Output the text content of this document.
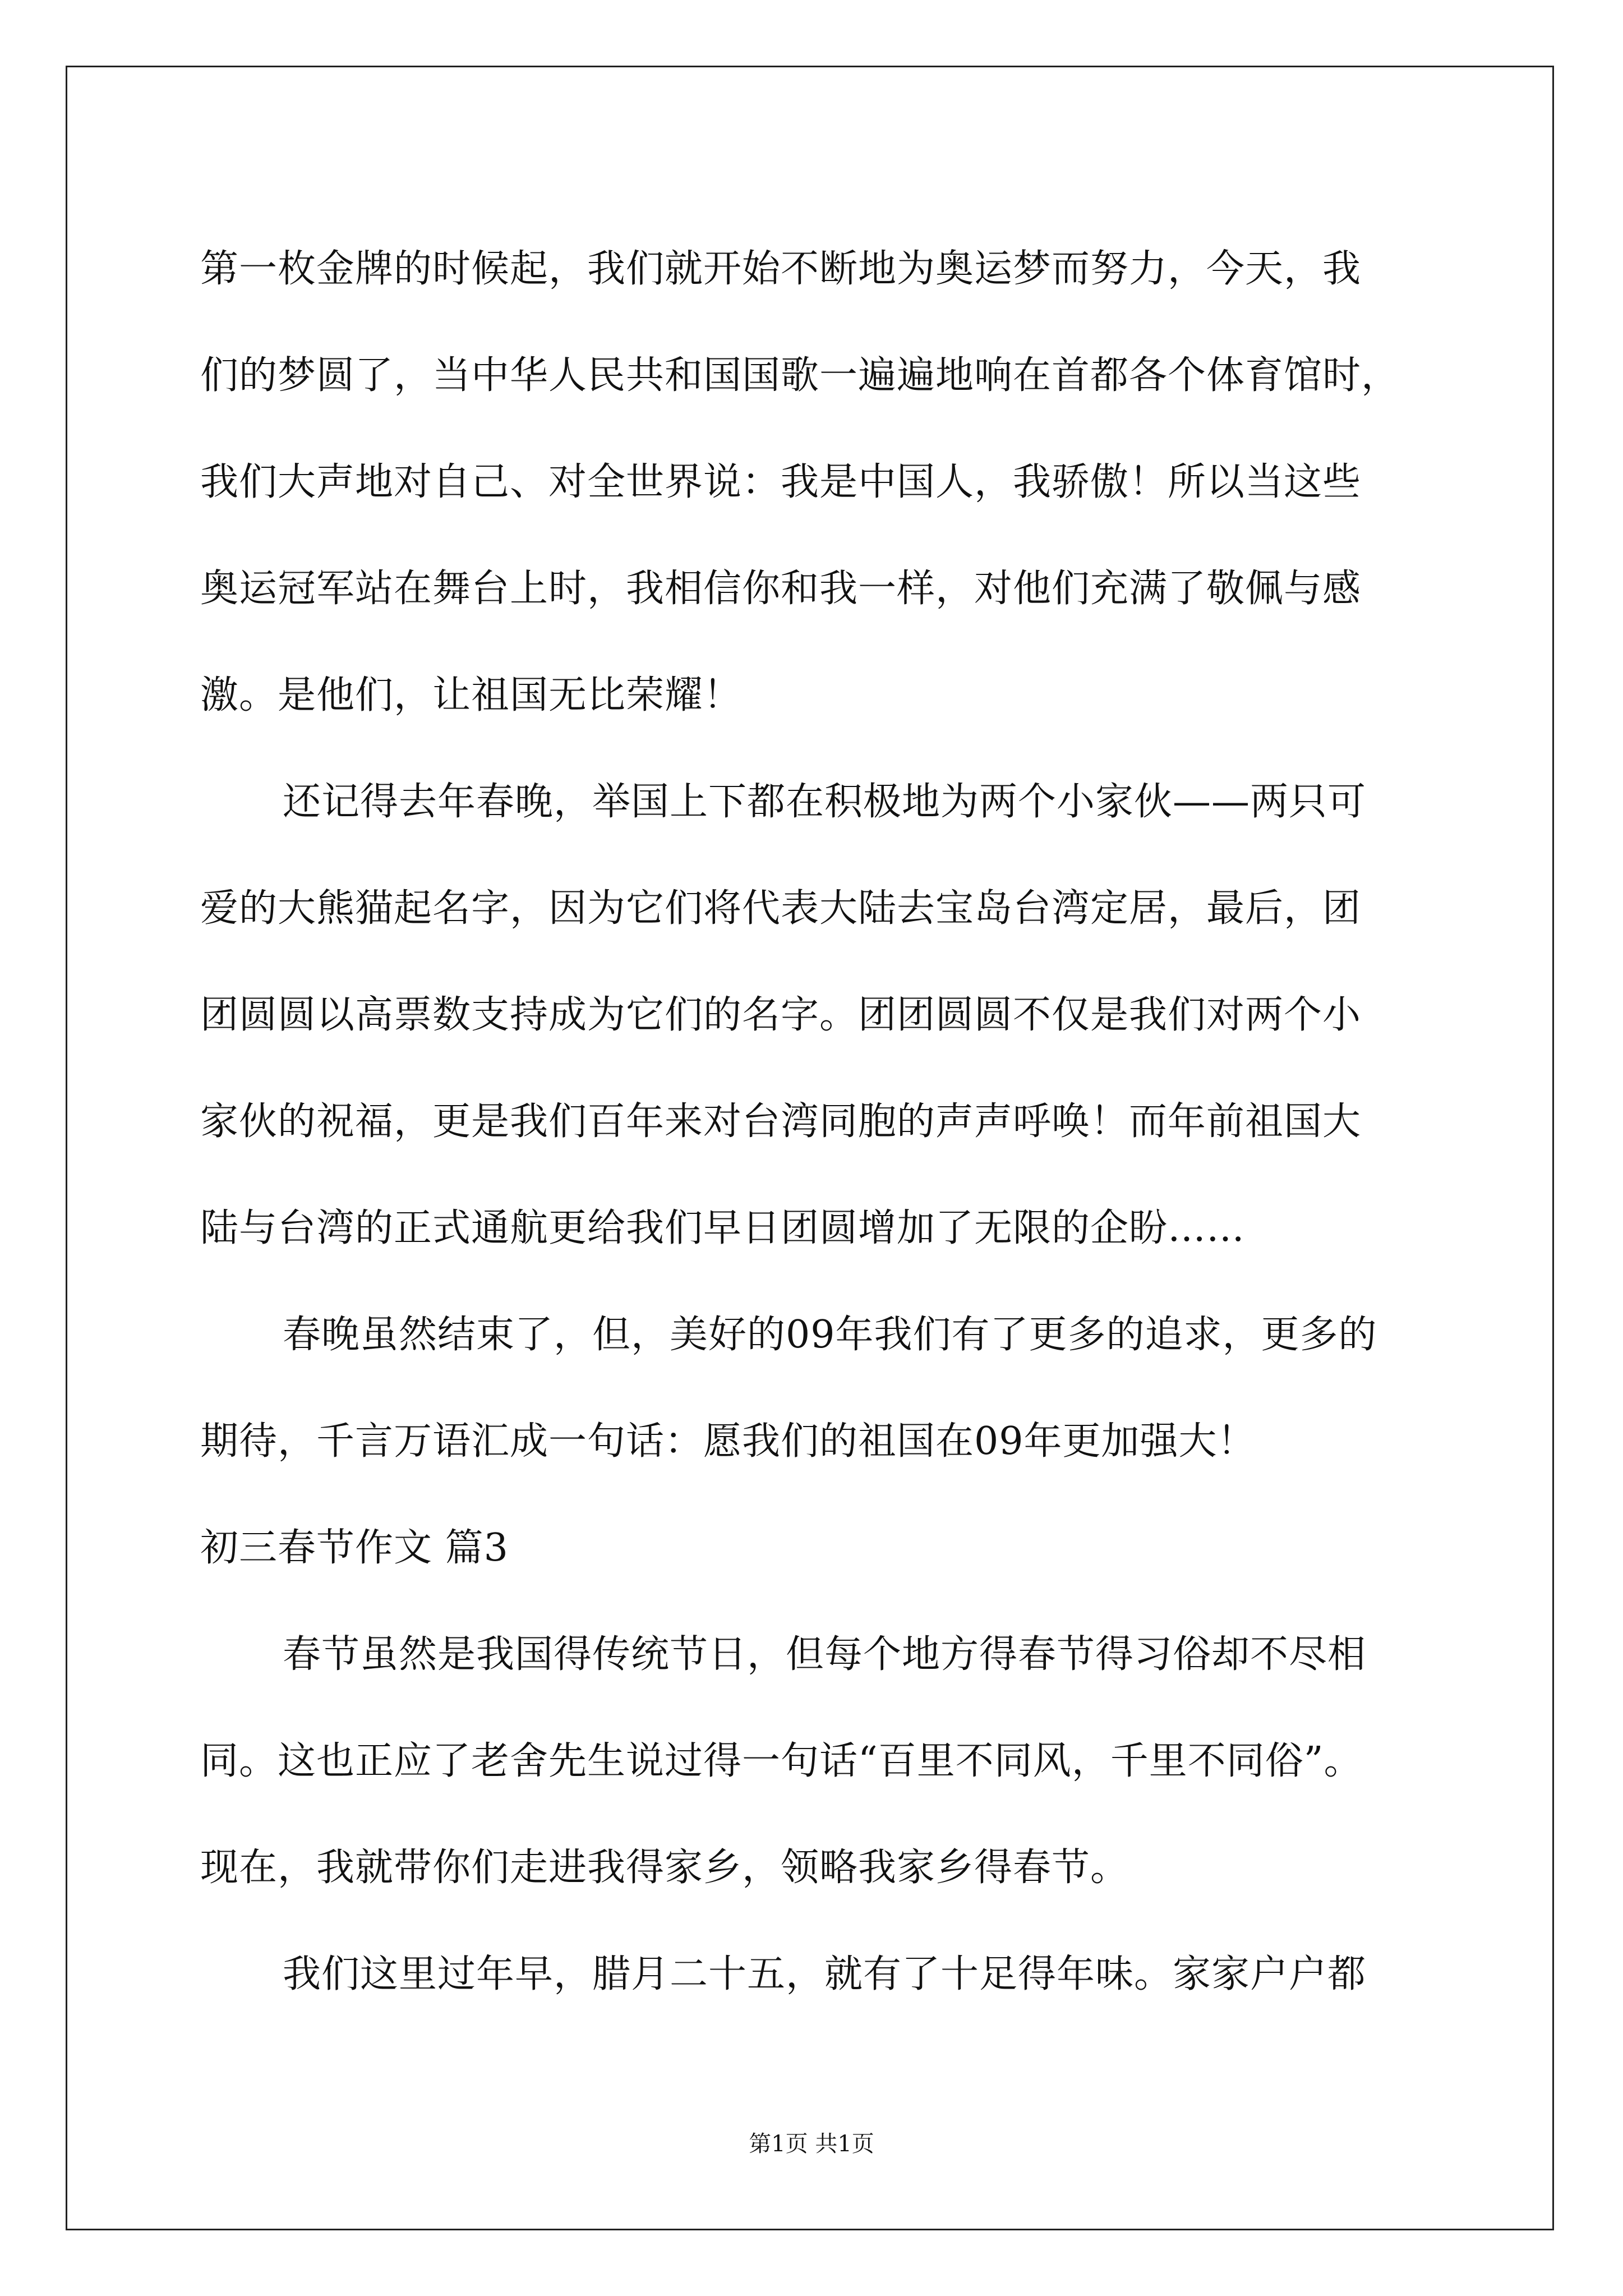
第一枚金牌的时候起，我们就开始不断地为奥运梦而努力，今天，我
们的梦圆了，当中华人民共和国国歌一遍遍地响在首都各个体育馆时，
我们大声地对自己、对全世界说：我是中国人，我骄傲！所以当这些
奥运冠军站在舞台上时，我相信你和我一样，对他们充满了敬佩与感
激。是他们，让祖国无比荣耀！
还记得去年春晚，举国上下都在积极地为两个小家伙——两只可
爱的大熊猫起名字，因为它们将代表大陆去宝岛台湾定居，最后，团
团圆圆以高票数支持成为它们的名字。团团圆圆不仅是我们对两个小
家伙的祝福，更是我们百年来对台湾同胞的声声呼唤！而年前祖国大
陆与台湾的正式通航更给我们早日团圆增加了无限的企盼……
春晚虽然结束了，但，美好的09年我们有了更多的追求，更多的
期待，千言万语汇成一句话：愿我们的祖国在09年更加强大！
初三春节作文 篇3
春节虽然是我国得传统节日，但每个地方得春节得习俗却不尽相
同。这也正应了老舍先生说过得一句话“百里不同风，千里不同俗”。
现在，我就带你们走进我得家乡，领略我家乡得春节。
我们这里过年早，腊月二十五，就有了十足得年味。家家户户都
第1页 共1页
